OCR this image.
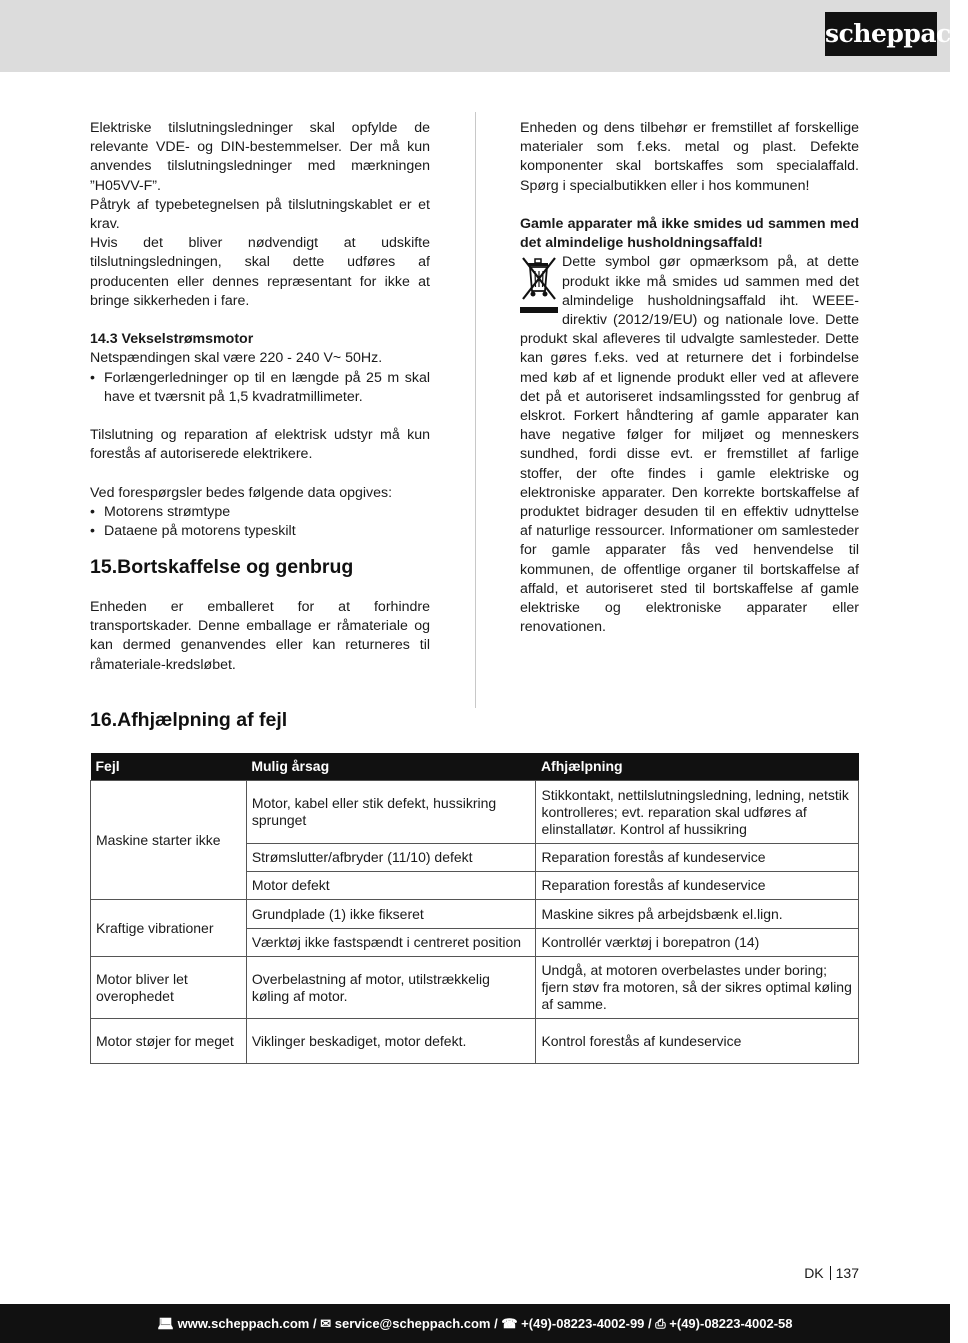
scheppach

Elektriske tilslutningsledninger skal opfylde de relevante VDE- og DIN-bestemmelser. Der må kun anvendes tilslutningsledninger med mærkningen ”H05VV-F”.

Påtryk af typebetegnelsen på tilslutningskablet er et krav.

Hvis det bliver nødvendigt at udskifte tilslutningsledningen, skal dette udføres af producenten eller dennes repræsentant for ikke at bringe sikkerheden i fare.

14.3 Vekselstrømsmotor

Netspændingen skal være 220 - 240 V~ 50Hz.

• Forlængerledninger op til en længde på 25 m skal have et tværsnit på 1,5 kvadratmillimeter.

Tilslutning og reparation af elektrisk udstyr må kun forestås af autoriserede elektrikere.

Ved forespørgsler bedes følgende data opgives:

• Motorens strømtype

• Dataene på motorens typeskilt

15.Bortskaffelse og genbrug

Enheden er emballeret for at forhindre transportskader. Denne emballage er råmateriale og kan dermed genanvendes eller kan returneres til råmateriale-kredsløbet.

Enheden og dens tilbehør er fremstillet af forskellige materialer som f.eks. metal og plast. Defekte komponenter skal bortskaffes som specialaffald. Spørg i specialbutikken eller i hos kommunen!

Gamle apparater må ikke smides ud sammen med det almindelige husholdningsaffald!

Dette symbol gør opmærksom på, at dette produkt ikke må smides ud sammen med det almindelige husholdningsaffald iht. WEEE-direktiv (2012/19/EU) og nationale love. Dette produkt skal afleveres til udvalgte samlesteder. Dette kan gøres f.eks. ved at returnere det i forbindelse med køb af et lignende produkt eller ved at aflevere det på et autoriseret indsamlingssted for genbrug af elskrot. Forkert håndtering af gamle apparater kan have negative følger for miljøet og menneskers sundhed, fordi disse evt. er fremstillet af farlige stoffer, der ofte findes i gamle elektriske og elektroniske apparater. Den korrekte bortskaffelse af produktet bidrager desuden til en effektiv udnyttelse af naturlige ressourcer. Informationer om samlesteder for gamle apparater fås ved henvendelse til kommunen, de offentlige organer til bortskaffelse af affald, et autoriseret sted til bortskaffelse af gamle elektriske og elektroniske apparater eller renovationen.

16.Afhjælpning af fejl
Fejl	Mulig årsag	Afhjælpning
Maskine starter ikke	Motor, kabel eller stik defekt, hussikring sprunget	Stikkontakt, nettilslutningsledning, ledning, netstik kontrolleres; evt. reparation skal udføres af elinstallatør. Kontrol af hussikring
	Strømslutter/afbryder (11/10) defekt	Reparation forestås af kundeservice
	Motor defekt	Reparation forestås af kundeservice
Kraftige vibrationer	Grundplade (1) ikke fikseret	Maskine sikres på arbejdsbænk el.lign.
	Værktøj ikke fastspændt i centreret position	Kontrollér værktøj i borepatron (14)
Motor bliver let overophedet	Overbelastning af motor, utilstrækkelig køling af motor.	Undgå, at motoren overbelastes under boring; fjern støv fra motoren, så der sikres optimal køling af samme.
Motor støjer for meget	Viklinger beskadiget, motor defekt.	Kontrol forestås af kundeservice
DK 137
💻︎ www.scheppach.com / ✉︎ service@scheppach.com / ☎︎ +(49)-08223-4002-99 / ⎙ +(49)-08223-4002-58
